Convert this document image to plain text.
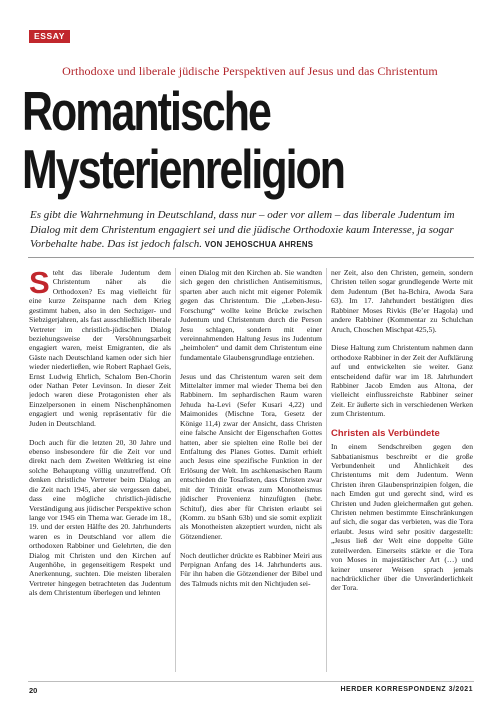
ESSAY
Orthodoxe und liberale jüdische Perspektiven auf Jesus und das Christentum
Romantische
Mysterienreligion

Es gibt die Wahrnehmung in Deutschland, dass nur – oder vor allem – das liberale Judentum im Dialog mit dem Christentum engagiert sei und die jüdische Orthodoxie kaum Interesse, ja sogar Vorbehalte habe. Das ist jedoch falsch. VON JEHOSCHUA AHRENS

Steht das liberale Judentum dem Christentum näher als die Orthodoxen? Es mag vielleicht für eine kurze Zeitspanne nach dem Krieg gestimmt haben, also in den Sechziger- und Siebzigerjahren, als fast ausschließlich liberale Vertreter im christlich-jüdischen Dialog beziehungsweise der Versöhnungsarbeit engagiert waren, meist Emigranten, die als Gäste nach Deutschland kamen oder sich hier wieder niederließen, wie Robert Raphael Geis, Ernst Ludwig Ehrlich, Schalom Ben-Chorin oder Nathan Peter Levinson. In dieser Zeit jedoch waren diese Protagonisten eher als Einzelpersonen in einem Nischenphänomen engagiert und wenig repräsentativ für die Juden in Deutschland.

Doch auch für die letzten 20, 30 Jahre und ebenso insbesondere für die Zeit vor und direkt nach dem Zweiten Weltkrieg ist eine solche Behauptung völlig unzutreffend. Oft denken christliche Vertreter beim Dialog an die Zeit nach 1945, aber sie vergessen dabei, dass eine mögliche christlich-jüdische Verständigung aus jüdischer Perspektive schon lange vor 1945 ein Thema war. Gerade im 18., 19. und der ersten Hälfte des 20. Jahrhunderts waren es in Deutschland vor allem die orthodoxen Rabbiner und Gelehrten, die den Dialog mit Christen und den Kirchen auf Augenhöhe, in gegenseitigem Respekt und Anerkennung, suchten. Die meisten liberalen Vertreter hingegen betrachteten das Judentum als dem Christentum überlegen und lehnten

einen Dialog mit den Kirchen ab. Sie wandten sich gegen den christlichen Antisemitismus, sparten aber auch nicht mit eigener Polemik gegen das Christentum. Die „Leben-Jesu-Forschung“ wollte keine Brücke zwischen Judentum und Christentum durch die Person Jesu schlagen, sondern mit einer vereinnahmenden Haltung Jesus ins Judentum „heimholen“ und damit dem Christentum eine fundamentale Glaubensgrundlage entziehen.

Jesus und das Christentum waren seit dem Mittelalter immer mal wieder Thema bei den Rabbinern. Im sephardischen Raum waren Jehuda ha-Levi (Sefer Kusari 4,22) und Maimonides (Mischne Tora, Gesetz der Könige 11,4) zwar der Ansicht, dass Christen eine falsche Ansicht der Eigenschaften Gottes hatten, aber sie spielten eine Rolle bei der Entfaltung des Planes Gottes. Damit erhielt auch Jesus eine spezifische Funktion in der Erlösung der Welt. Im aschkenasischen Raum entschieden die Tosafisten, dass Christen zwar mit der Trinität etwas zum Monotheismus jüdischer Provenienz hinzufügten (hebr. Schituf), dies aber für Christen erlaubt sei (Komm. zu bSanh 63b) und sie somit explizit als Monotheisten akzeptiert wurden, nicht als Götzendiener.

Noch deutlicher drückte es Rabbiner Meiri aus Perpignan Anfang des 14. Jahrhunderts aus. Für ihn haben die Götzendiener der Bibel und des Talmuds nichts mit den Nichtjuden sei-

ner Zeit, also den Christen, gemein, sondern Christen teilen sogar grundlegende Werte mit dem Judentum (Bet ha-Bchira, Awoda Sara 63). Im 17. Jahrhundert bestätigten dies Rabbiner Moses Rivkis (Be’er Hagola) und andere Rabbiner (Kommentar zu Schulchan Aruch, Choschen Mischpat 425,5).

Diese Haltung zum Christentum nahmen dann orthodoxe Rabbiner in der Zeit der Aufklärung auf und entwickelten sie weiter. Ganz entscheidend dafür war im 18. Jahrhundert Rabbiner Jacob Emden aus Altona, der vielleicht einflussreichste Rabbiner seiner Zeit. Er äußerte sich in verschiedenen Werken zum Christentum.

Christen als Verbündete

In einem Sendschreiben gegen den Sabbatianismus beschreibt er die große Verbundenheit und Ähnlichkeit des Christentums mit dem Judentum. Wenn Christen ihren Glaubensprinzipien folgen, die nach Emden gut und gerecht sind, wird es Christen und Juden gleichermaßen gut gehen. Christen nehmen bestimmte Einschränkungen auf sich, die sogar das verbieten, was die Tora erlaubt. Jesus wird sehr positiv dargestellt: „Jesus ließ der Welt eine doppelte Güte zuteilwerden. Einerseits stärkte er die Tora von Moses in majestätischer Art (…) und keiner unserer Weisen sprach jemals nachdrücklicher über die Unveränderlichkeit der Tora.

20	HERDER KORRESPONDENZ 3/2021
